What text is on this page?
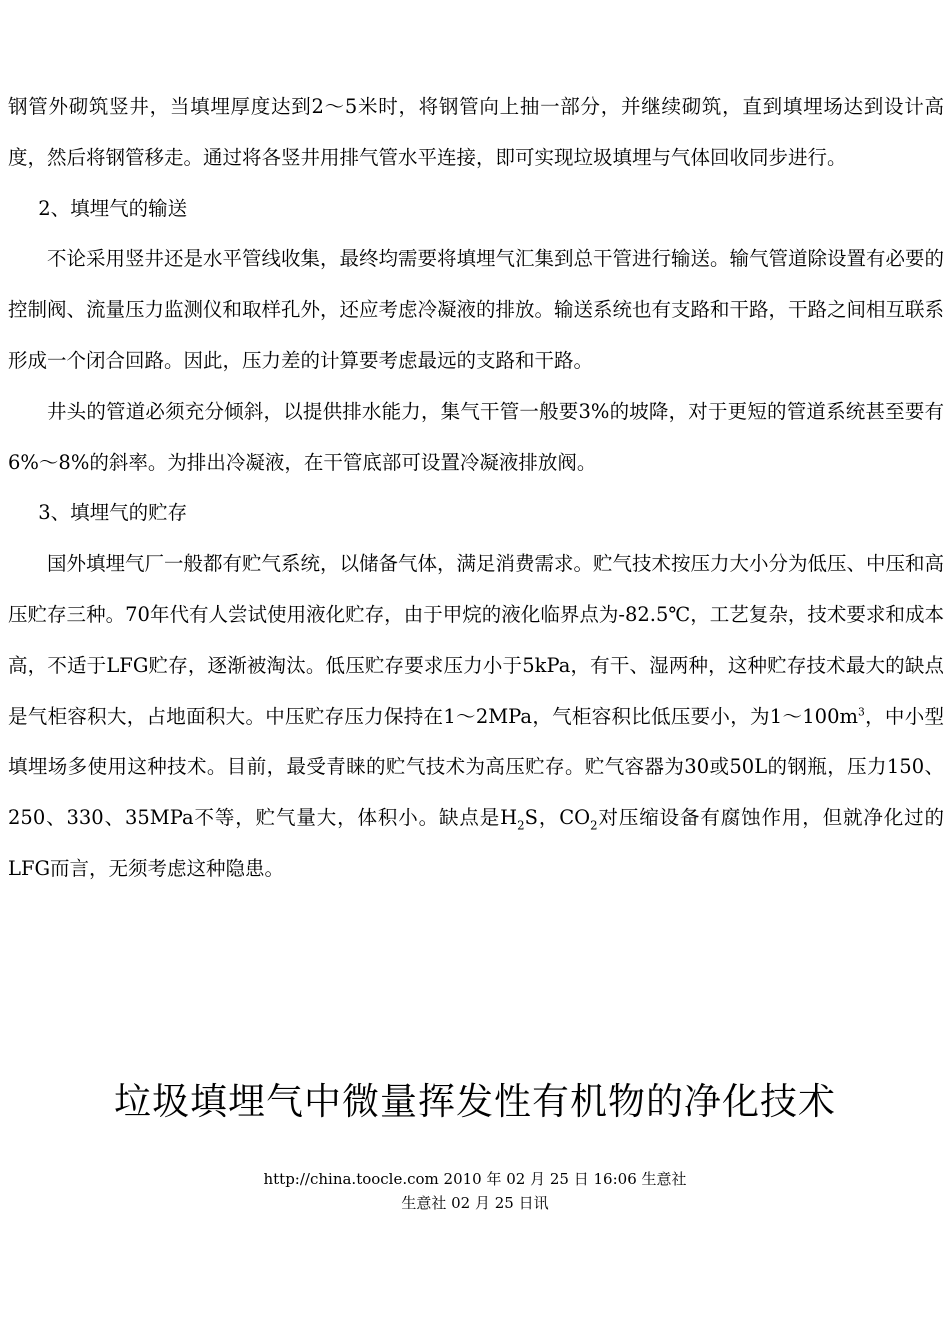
钢管外砌筑竖井，当填埋厚度达到2～5米时，将钢管向上抽一部分，并继续砌筑，直到填埋场达到设计高度，然后将钢管移走。通过将各竖井用排气管水平连接，即可实现垃圾填埋与气体回收同步进行。

2、填埋气的输送

不论采用竖井还是水平管线收集，最终均需要将填埋气汇集到总干管进行输送。输气管道除设置有必要的控制阀、流量压力监测仪和取样孔外，还应考虑冷凝液的排放。输送系统也有支路和干路，干路之间相互联系形成一个闭合回路。因此，压力差的计算要考虑最远的支路和干路。

井头的管道必须充分倾斜，以提供排水能力，集气干管一般要3%的坡降，对于更短的管道系统甚至要有6%～8%的斜率。为排出冷凝液，在干管底部可设置冷凝液排放阀。

3、填埋气的贮存

国外填埋气厂一般都有贮气系统，以储备气体，满足消费需求。贮气技术按压力大小分为低压、中压和高压贮存三种。70年代有人尝试使用液化贮存，由于甲烷的液化临界点为-82.5℃，工艺复杂，技术要求和成本高，不适于LFG贮存，逐渐被淘汰。低压贮存要求压力小于5kPa，有干、湿两种，这种贮存技术最大的缺点是气柜容积大，占地面积大。中压贮存压力保持在1～2MPa，气柜容积比低压要小，为$1\sim 100m^3$，中小型填埋场多使用这种技术。目前，最受青睐的贮气技术为高压贮存。贮气容器为30或50L的钢瓶，压力150、250、330、35MPa不等，贮气量大，体积小。缺点是$H_2S$，$CO_2$对压缩设备有腐蚀作用，但就净化过的LFG而言，无须考虑这种隐患。

垃圾填埋气中微量挥发性有机物的净化技术
http://china.toocle.com 2010 年 02 月 25 日 16:06 生意社
生意社 02 月 25 日讯
